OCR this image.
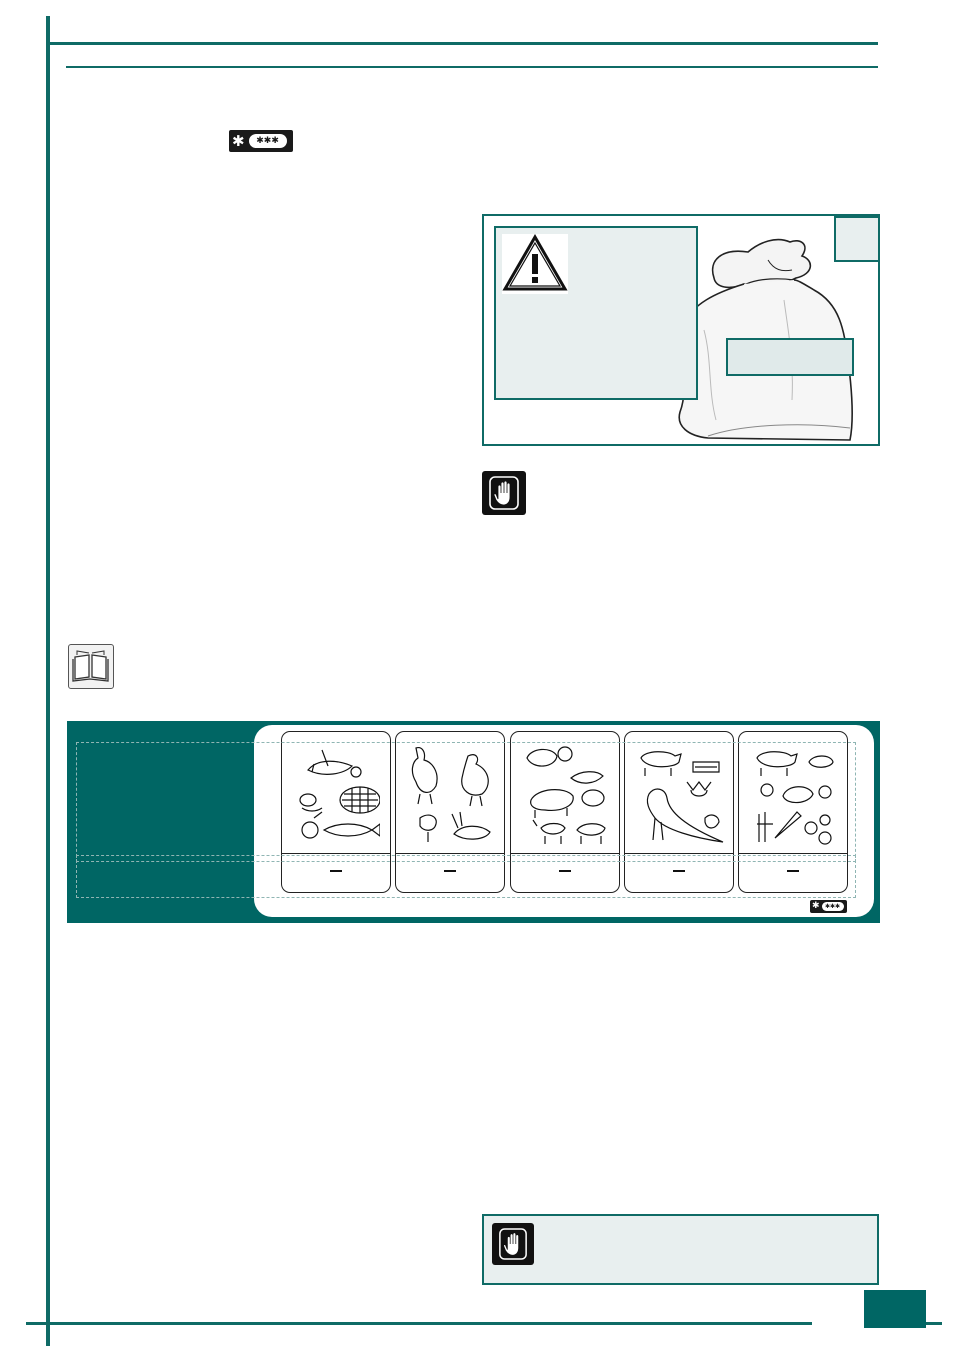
✱	✱✱✱
✱ ✱✱✱
